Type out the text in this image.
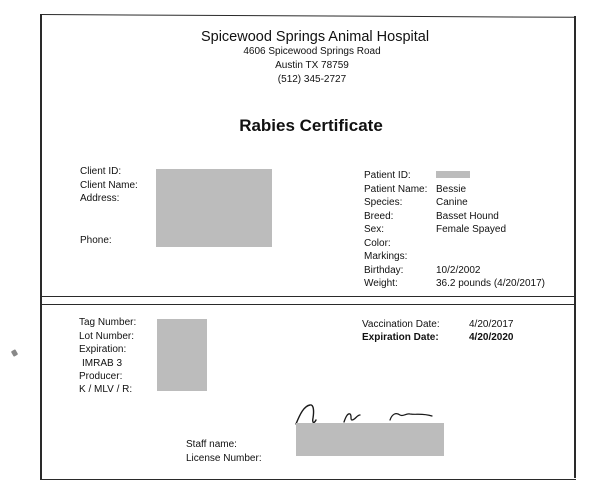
Spicewood Springs Animal Hospital
4606 Spicewood Springs Road
Austin TX 78759
(512) 345-2727
Rabies Certificate
Client ID:
Client Name:
Address:
Phone:
Patient ID:
Patient Name: Bessie
Species:	Canine
Breed:	Basset Hound
Sex:	Female Spayed
Color:
Markings:
Birthday:	10/2/2002
Weight:	36.2 pounds (4/20/2017)
Tag Number:
Lot Number:
Expiration:
IMRAB 3
Producer:
K / MLV / R:
Vaccination Date:	4/20/2017
Expiration Date:	4/20/2020
Staff name:
License Number:
